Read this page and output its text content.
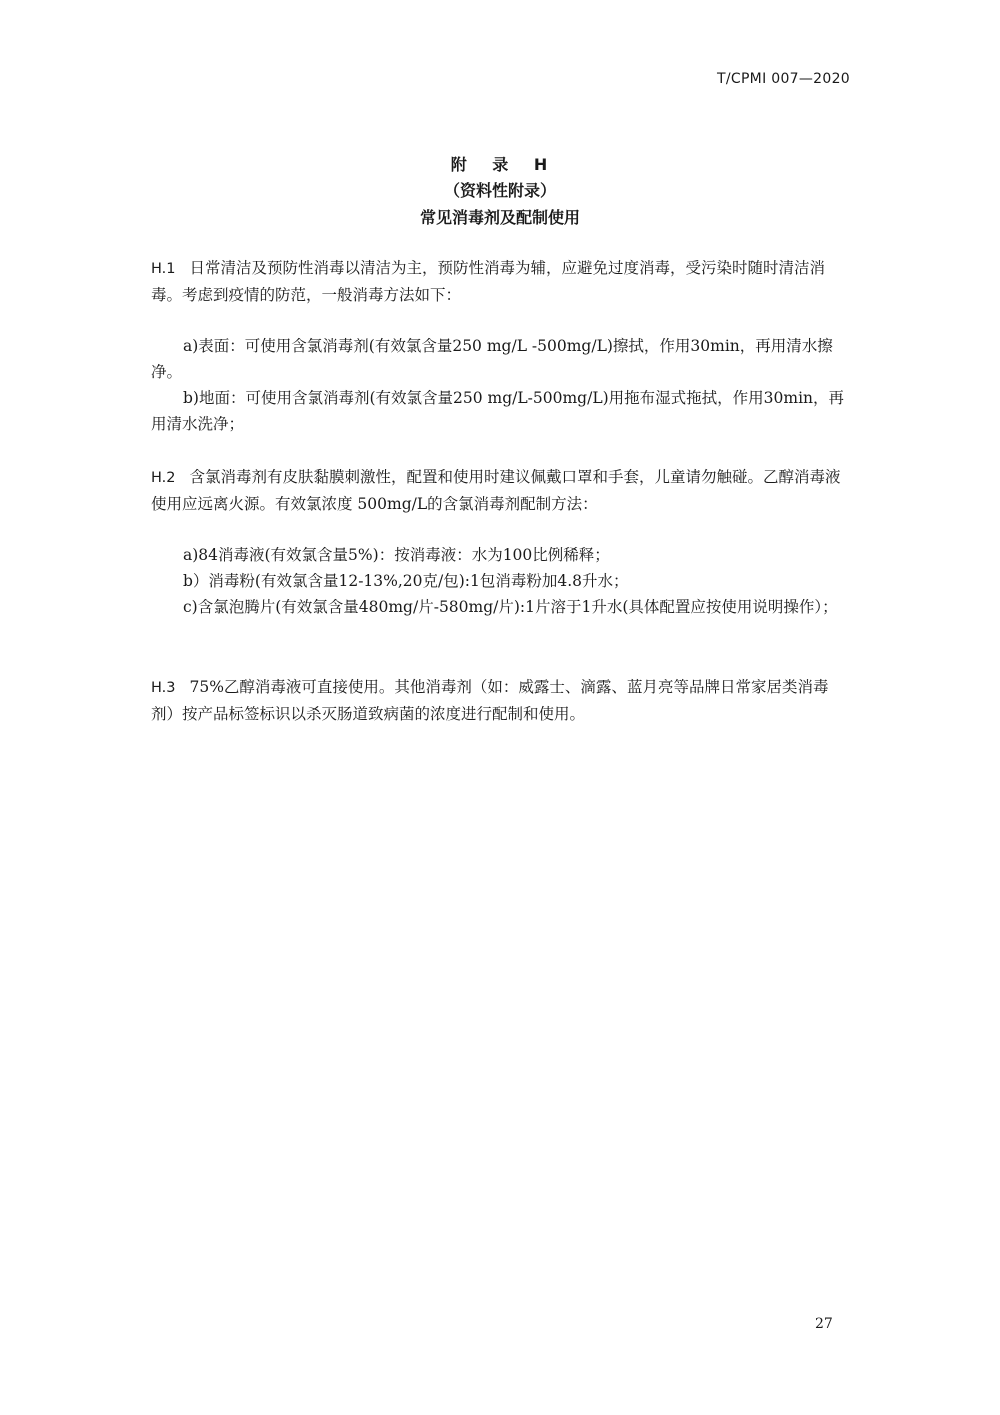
T/CPMI 007—2020
附 录 H
（资料性附录）
常见消毒剂及配制使用

H.1 日常清洁及预防性消毒以清洁为主，预防性消毒为辅，应避免过度消毒，受污染时随时清洁消毒。考虑到疫情的防范，一般消毒方法如下：

a)表面：可使用含氯消毒剂(有效氯含量250 mg/L -500mg/L)擦拭，作用30min，再用清水擦净。

b)地面：可使用含氯消毒剂(有效氯含量250 mg/L-500mg/L)用拖布湿式拖拭，作用30min，再用清水洗净；

H.2 含氯消毒剂有皮肤黏膜刺激性，配置和使用时建议佩戴口罩和手套，儿童请勿触碰。乙醇消毒液使用应远离火源。有效氯浓度 500mg/L的含氯消毒剂配制方法：

a)84消毒液(有效氯含量5%)：按消毒液：水为100比例稀释；

b）消毒粉(有效氯含量12-13%,20克/包):1包消毒粉加4.8升水；

c)含氯泡腾片(有效氯含量480mg/片-580mg/片):1片溶于1升水(具体配置应按使用说明操作）；

H.3 75%乙醇消毒液可直接使用。其他消毒剂（如：威露士、滴露、蓝月亮等品牌日常家居类消毒剂）按产品标签标识以杀灭肠道致病菌的浓度进行配制和使用。

27
